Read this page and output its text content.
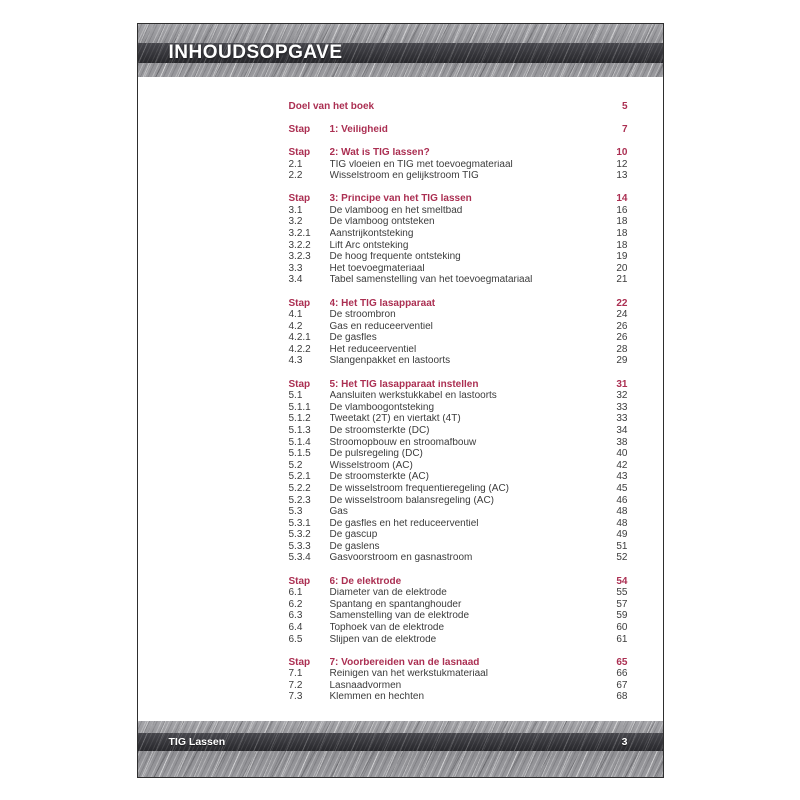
INHOUDSOPGAVE
Doel van het boek	5
Stap	1: Veiligheid	7
Stap	2: Wat is TIG lassen?	10
2.1	TIG vloeien en TIG met toevoegmateriaal	12
2.2	Wisselstroom en gelijkstroom TIG	13
Stap	3: Principe van het TIG lassen	14
3.1	De vlamboog en het smeltbad	16
3.2	De vlamboog ontsteken	18
3.2.1	Aanstrijkontsteking	18
3.2.2	Lift Arc ontsteking	18
3.2.3	De hoog frequente ontsteking	19
3.3	Het toevoegmateriaal	20
3.4	Tabel samenstelling van het toevoegmatariaal	21
Stap	4: Het TIG lasapparaat	22
4.1	De stroombron	24
4.2	Gas en reduceerventiel	26
4.2.1	De gasfles	26
4.2.2	Het reduceerventiel	28
4.3	Slangenpakket en lastoorts	29
Stap	5: Het TIG lasapparaat instellen	31
5.1	Aansluiten werkstukkabel en lastoorts	32
5.1.1	De vlamboogontsteking	33
5.1.2	Tweetakt (2T) en viertakt (4T)	33
5.1.3	De stroomsterkte (DC)	34
5.1.4	Stroomopbouw en stroomafbouw	38
5.1.5	De pulsregeling (DC)	40
5.2	Wisselstroom (AC)	42
5.2.1	De stroomsterkte (AC)	43
5.2.2	De wisselstroom frequentieregeling (AC)	45
5.2.3	De wisselstroom balansregeling (AC)	46
5.3	Gas	48
5.3.1	De gasfles en het reduceerventiel	48
5.3.2	De gascup	49
5.3.3	De gaslens	51
5.3.4	Gasvoorstroom en gasnastroom	52
Stap	6: De elektrode	54
6.1	Diameter van de elektrode	55
6.2	Spantang en spantanghouder	57
6.3	Samenstelling van de elektrode	59
6.4	Tophoek van de elektrode	60
6.5	Slijpen van de elektrode	61
Stap	7: Voorbereiden van de lasnaad	65
7.1	Reinigen van het werkstukmateriaal	66
7.2	Lasnaadvormen	67
7.3	Klemmen en hechten	68
TIG Lassen	3
